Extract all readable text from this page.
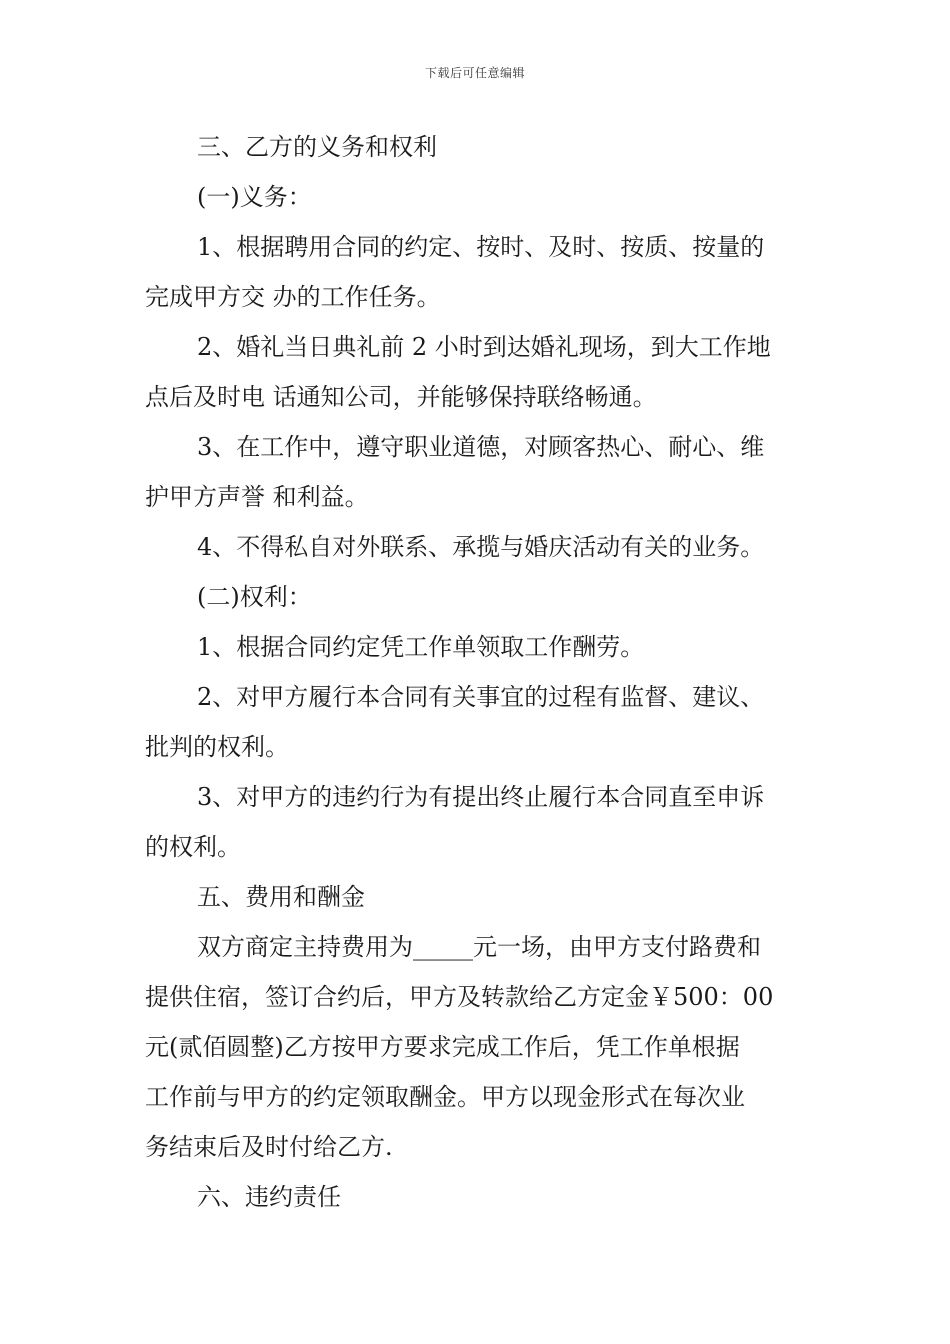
下载后可任意编辑
三、乙方的义务和权利
(一)义务：
1、根据聘用合同的约定、按时、及时、按质、按量的
完成甲方交 办的工作任务。
2、婚礼当日典礼前 2 小时到达婚礼现场，到大工作地
点后及时电 话通知公司，并能够保持联络畅通。
3、在工作中，遵守职业道德，对顾客热心、耐心、维
护甲方声誉 和利益。
4、不得私自对外联系、承揽与婚庆活动有关的业务。
(二)权利：
1、根据合同约定凭工作单领取工作酬劳。
2、对甲方履行本合同有关事宜的过程有监督、建议、
批判的权利。
3、对甲方的违约行为有提出终止履行本合同直至申诉
的权利。
五、费用和酬金
双方商定主持费用为_____元一场，由甲方支付路费和
提供住宿，签订合约后，甲方及转款给乙方定金￥500：00
元(贰佰圆整)乙方按甲方要求完成工作后，凭工作单根据
工作前与甲方的约定领取酬金。甲方以现金形式在每次业
务结束后及时付给乙方.
六、违约责任
